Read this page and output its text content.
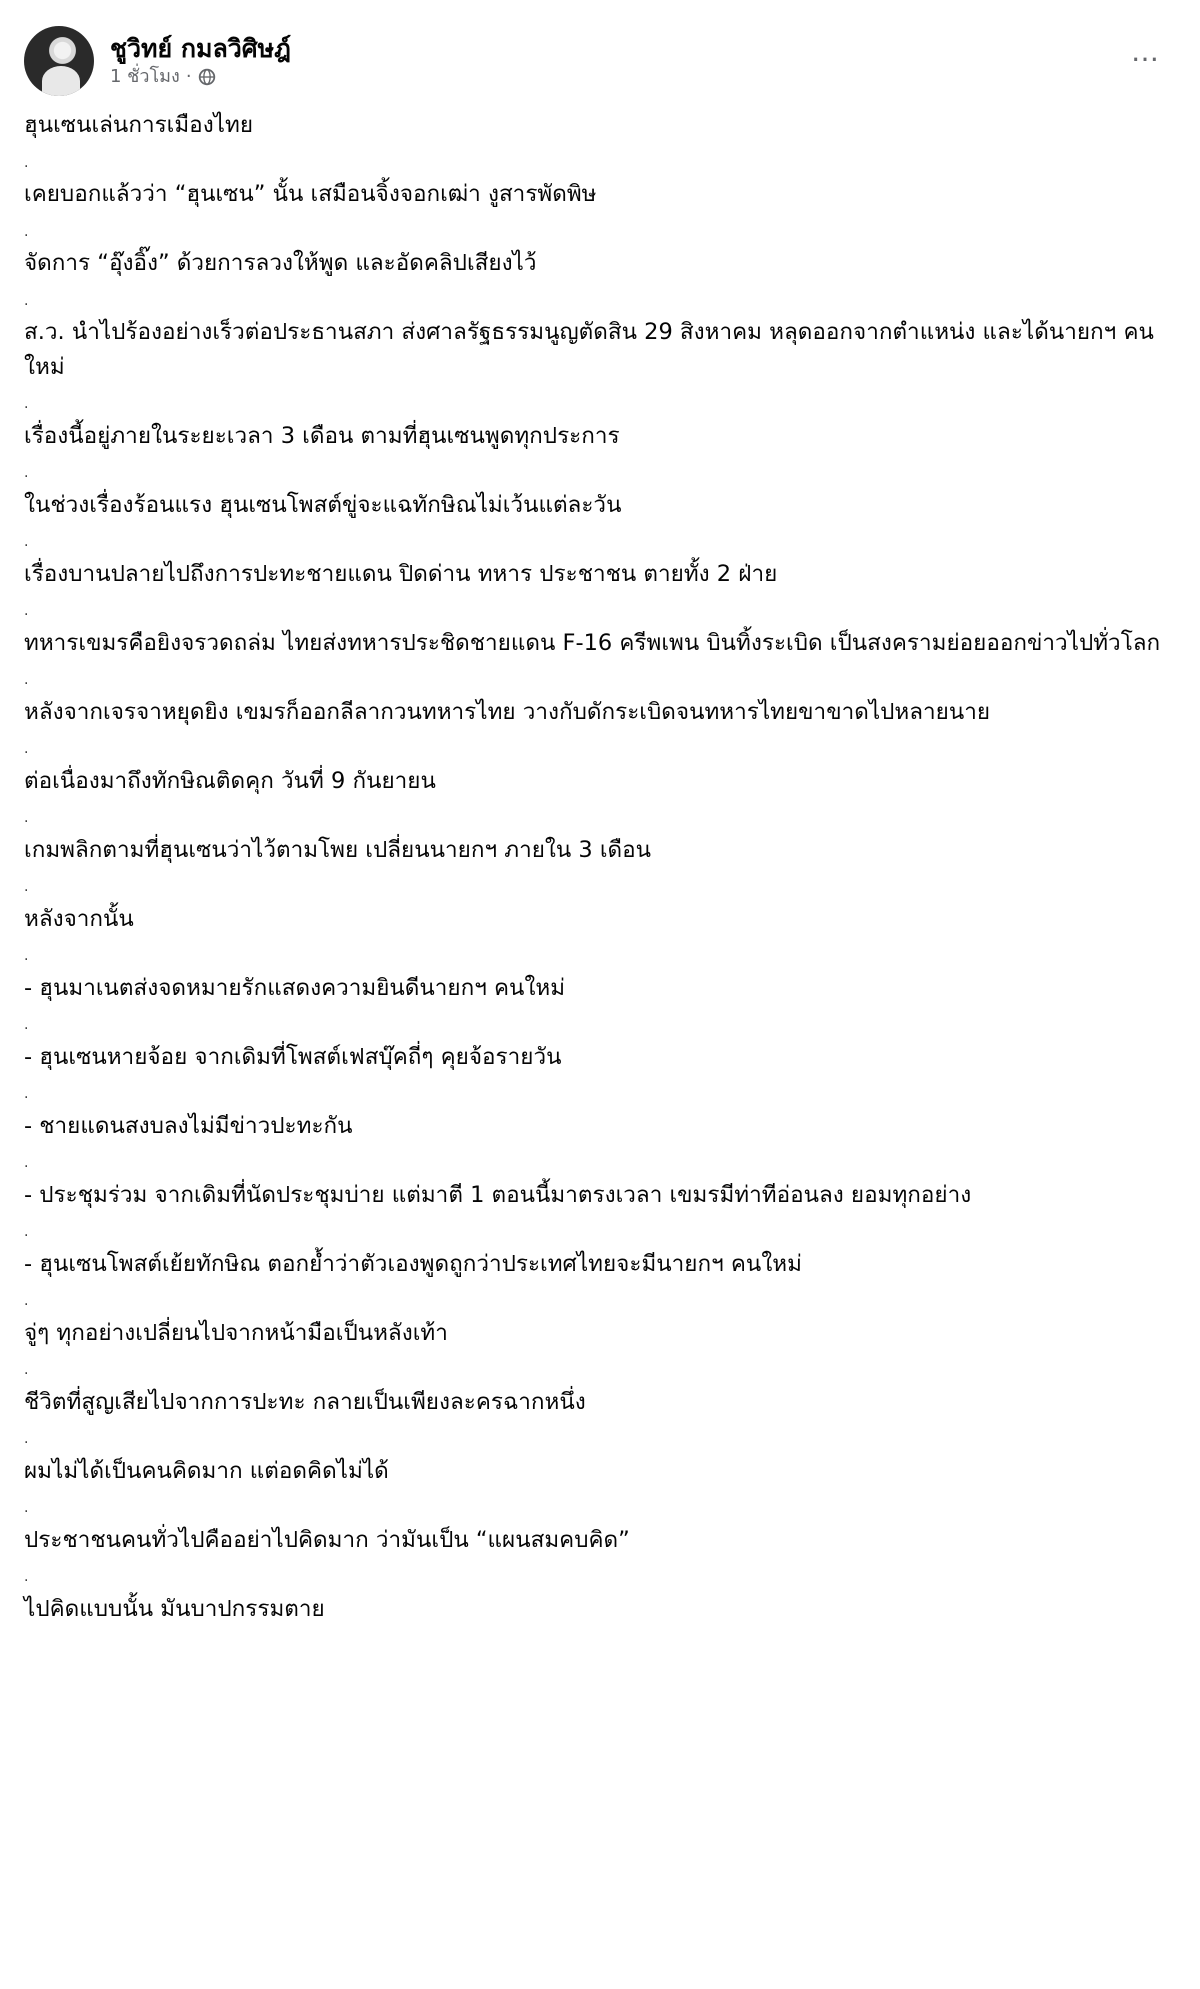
ชูวิทย์ กมลวิศิษฎ์
1 ชั่วโมง ·
…
ฮุนเซนเล่นการเมืองไทย
.
เคยบอกแล้วว่า “ฮุนเซน” นั้น เสมือนจิ้งจอกเฒ่า งูสารพัดพิษ
.
จัดการ “อุ๊งอิ๊ง” ด้วยการลวงให้พูด และอัดคลิปเสียงไว้
.
ส.ว. นำไปร้องอย่างเร็วต่อประธานสภา ส่งศาลรัฐธรรมนูญตัดสิน 29 สิงหาคม หลุดออกจากตำแหน่ง และได้นายกฯ คนใหม่
.
เรื่องนี้อยู่ภายในระยะเวลา 3 เดือน ตามที่ฮุนเซนพูดทุกประการ
.
ในช่วงเรื่องร้อนแรง ฮุนเซนโพสต์ขู่จะแฉทักษิณไม่เว้นแต่ละวัน
.
เรื่องบานปลายไปถึงการปะทะชายแดน ปิดด่าน ทหาร ประชาชน ตายทั้ง 2 ฝ่าย
.
ทหารเขมรคือยิงจรวดถล่ม ไทยส่งทหารประชิดชายแดน F-16 ครีพเพน บินทิ้งระเบิด เป็นสงครามย่อยออกข่าวไปทั่วโลก
.
หลังจากเจรจาหยุดยิง เขมรก็ออกลีลากวนทหารไทย วางกับดักระเบิดจนทหารไทยขาขาดไปหลายนาย
.
ต่อเนื่องมาถึงทักษิณติดคุก วันที่ 9 กันยายน
.
เกมพลิกตามที่ฮุนเซนว่าไว้ตามโพย เปลี่ยนนายกฯ ภายใน 3 เดือน
.
หลังจากนั้น
.
- ฮุนมาเนตส่งจดหมายรักแสดงความยินดีนายกฯ คนใหม่
.
- ฮุนเซนหายจ้อย จากเดิมที่โพสต์เฟสบุ๊คถี่ๆ คุยจ้อรายวัน
.
- ชายแดนสงบลงไม่มีข่าวปะทะกัน
.
- ประชุมร่วม จากเดิมที่นัดประชุมบ่าย แต่มาตี 1 ตอนนี้มาตรงเวลา เขมรมีท่าทีอ่อนลง ยอมทุกอย่าง
.
- ฮุนเซนโพสต์เย้ยทักษิณ ตอกย้ำว่าตัวเองพูดถูกว่าประเทศไทยจะมีนายกฯ คนใหม่
.
จู่ๆ ทุกอย่างเปลี่ยนไปจากหน้ามือเป็นหลังเท้า
.
ชีวิตที่สูญเสียไปจากการปะทะ กลายเป็นเพียงละครฉากหนึ่ง
.
ผมไม่ได้เป็นคนคิดมาก แต่อดคิดไม่ได้
.
ประชาชนคนทั่วไปคืออย่าไปคิดมาก ว่ามันเป็น “แผนสมคบคิด”
.
ไปคิดแบบนั้น มันบาปกรรมตาย
